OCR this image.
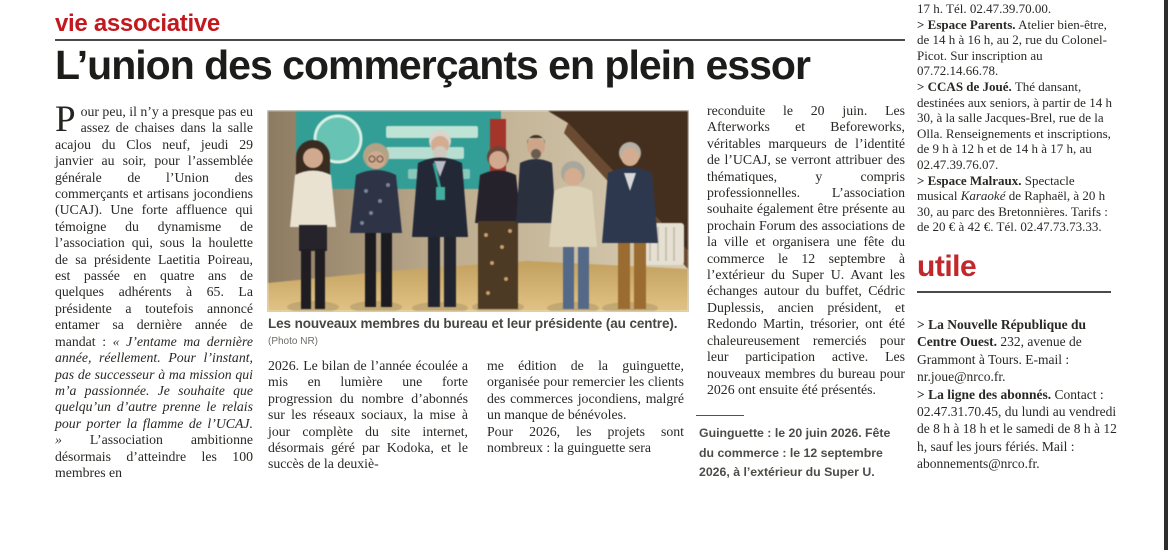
vie associative
L’union des commerçants en plein essor

Pour peu, il n’y a presque pas eu assez de chaises dans la salle acajou du Clos neuf, jeudi 29 janvier au soir, pour l’assemblée générale de l’Union des commerçants et artisans jocondiens (UCAJ). Une forte affluence qui témoigne du dynamisme de l’association qui, sous la houlette de sa présidente Laetitia Poireau, est passée en quatre ans de quelques adhérents à 65. La présidente a toutefois annoncé entamer sa dernière année de mandat : « J’entame ma dernière année, réellement. Pour l’instant, pas de successeur à ma mission qui m’a passionnée. Je souhaite que quelqu’un d’autre prenne le relais pour porter la flamme de l’UCAJ. » L’association ambitionne désormais d’atteindre les 100 membres en

Les nouveaux membres du bureau et leur présidente (au centre).
(Photo NR)

2026. Le bilan de l’année écoulée a mis en lumière une forte progression du nombre d’abonnés sur les réseaux sociaux, la mise à jour complète du site internet, désormais géré par Kodoka, et le succès de la deuxiè-

me édition de la guinguette, organisée pour remercier les clients des commerces jocondiens, malgré un manque de bénévoles.

Pour 2026, les projets sont nombreux : la guinguette sera

reconduite le 20 juin. Les Afterworks et Beforeworks, véritables marqueurs de l’identité de l’UCAJ, se verront attribuer des thématiques, y compris professionnelles. L’association souhaite également être présente au prochain Forum des associations de la ville et organisera une fête du commerce le 12 septembre à l’extérieur du Super U. Avant les échanges autour du buffet, Cédric Duplessis, ancien président, et Redondo Martin, trésorier, ont été chaleureusement remerciés pour leur participation active. Les nouveaux membres du bureau pour 2026 ont ensuite été présentés.

Guinguette : le 20 juin 2026. Fête du commerce : le 12 septembre 2026, à l’extérieur du Super U.

17 h. Tél. 02.47.39.70.00.

> Espace Parents. Atelier bien-être, de 14 h à 16 h, au 2, rue du Colonel-Picot. Sur inscription au 07.72.14.66.78.

> CCAS de Joué. Thé dansant, destinées aux seniors, à partir de 14 h 30, à la salle Jacques-Brel, rue de la Olla. Renseignements et inscriptions, de 9 h à 12 h et de 14 h à 17 h, au 02.47.39.76.07.

> Espace Malraux. Spectacle musical Karaoké de Raphaël, à 20 h 30, au parc des Bretonnières. Tarifs : de 20 € à 42 €. Tél. 02.47.73.73.33.

utile

> La Nouvelle République du Centre Ouest. 232, avenue de Grammont à Tours. E-mail : nr.joue@nrco.fr.

> La ligne des abonnés. Contact : 02.47.31.70.45, du lundi au vendredi de 8 h à 18 h et le samedi de 8 h à 12 h, sauf les jours fériés. Mail : abonnements@nrco.fr.
